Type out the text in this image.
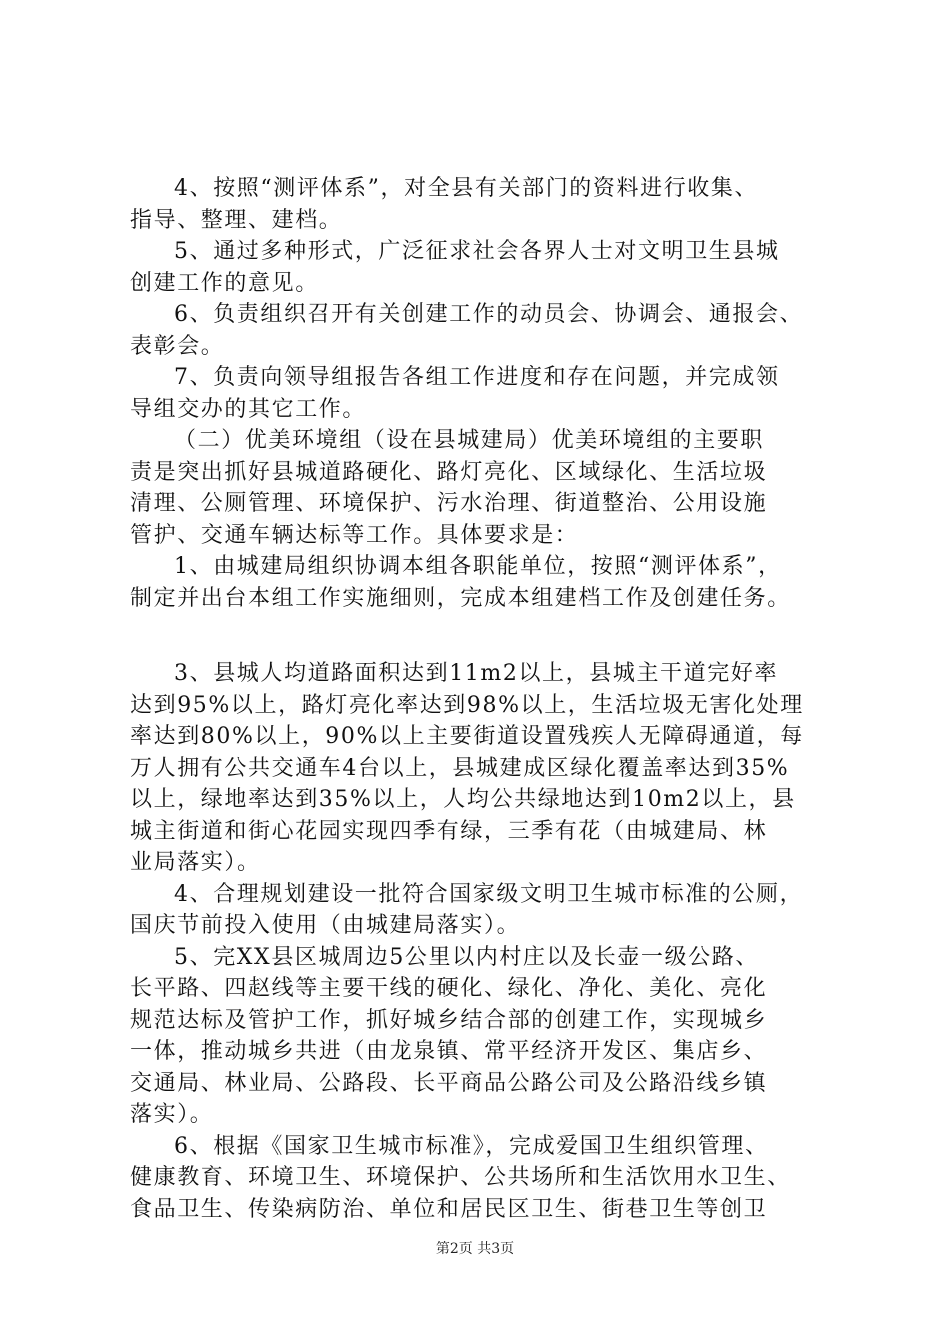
4、按照“测评体系”，对全县有关部门的资料进行收集、
指导、整理、建档。
5、通过多种形式，广泛征求社会各界人士对文明卫生县城
创建工作的意见。
6、负责组织召开有关创建工作的动员会、协调会、通报会、
表彰会。
7、负责向领导组报告各组工作进度和存在问题，并完成领
导组交办的其它工作。
（二）优美环境组（设在县城建局）优美环境组的主要职
责是突出抓好县城道路硬化、路灯亮化、区域绿化、生活垃圾
清理、公厕管理、环境保护、污水治理、街道整治、公用设施
管护、交通车辆达标等工作。具体要求是：
1、由城建局组织协调本组各职能单位，按照“测评体系”，
制定并出台本组工作实施细则，完成本组建档工作及创建任务。
3、县城人均道路面积达到11m2以上，县城主干道完好率
达到95%以上，路灯亮化率达到98%以上，生活垃圾无害化处理
率达到80%以上，90%以上主要街道设置残疾人无障碍通道，每
万人拥有公共交通车4台以上，县城建成区绿化覆盖率达到35%
以上，绿地率达到35%以上，人均公共绿地达到10m2以上，县
城主街道和街心花园实现四季有绿，三季有花（由城建局、林
业局落实）。
4、合理规划建设一批符合国家级文明卫生城市标准的公厕，
国庆节前投入使用（由城建局落实）。
5、完XX县区城周边5公里以内村庄以及长壶一级公路、
长平路、四赵线等主要干线的硬化、绿化、净化、美化、亮化
规范达标及管护工作，抓好城乡结合部的创建工作，实现城乡
一体，推动城乡共进（由龙泉镇、常平经济开发区、集店乡、
交通局、林业局、公路段、长平商品公路公司及公路沿线乡镇
落实）。
6、根据《国家卫生城市标准》，完成爱国卫生组织管理、
健康教育、环境卫生、环境保护、公共场所和生活饮用水卫生、
食品卫生、传染病防治、单位和居民区卫生、街巷卫生等创卫
第2页 共3页
